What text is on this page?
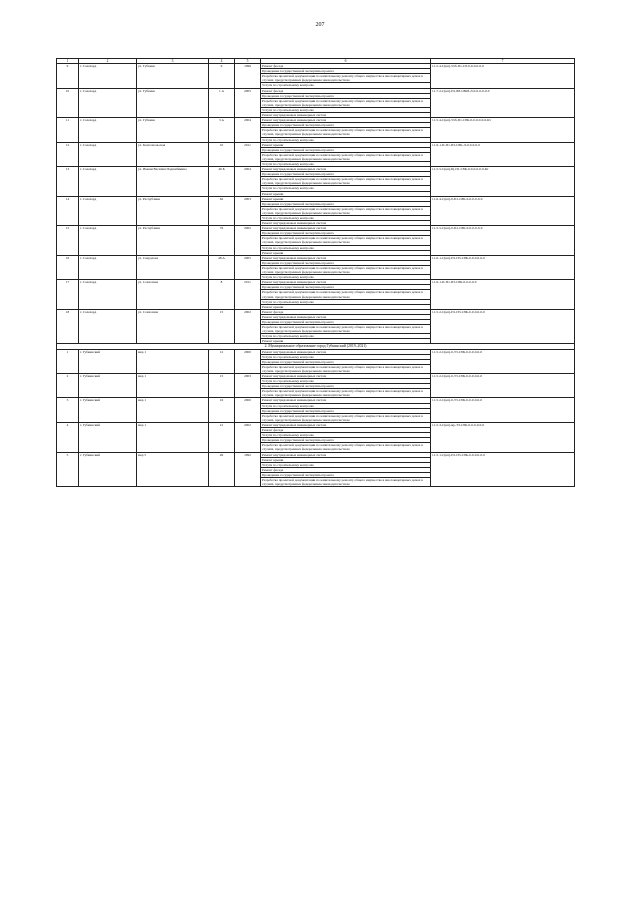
207
1	2	3	4	5	6	7
9	г. Салехард	ул. Губкина	6	1996	Ремонт фасада	11-5-4-С(кп)-Улб-П1-С8-0-0-0-0-0-0
					Проведение государственной экспертизы проекта	
					Разработка проектной документации по капитальному ремонту общего имущества в многоквартирных домах в случаях, предусмотренных федеральным законодательством	
					Услуги по строительному контролю	
10	г. Салехард	ул. Губкина	1 А	2005	Ремонт фасада	11-7-2-С(кп)-П1-Б8-С8К8-Л-0-0-0-0-0-0
					Проведение государственной экспертизы проекта	
					Разработка проектной документации по капитальному ремонту общего имущества в многоквартирных домах в случаях, предусмотренных федеральным законодательством	
					Услуги по строительному контролю	
					Ремонт внутридомовых инженерных систем	
11	г. Салехард	ул. Губкина	3 А	2004	Ремонт внутридомовых инженерных систем	11-5-4-С(кп)-Улб-П1-С8К-0-0-0-0-0-0-Кт
					Проведение государственной экспертизы проекта	
					Разработка проектной документации по капитальному ремонту общего имущества в многоквартирных домах в случаях, предусмотренных федеральным законодательством	
					Услуги по строительному контролю	
12	г. Салехард	ул. Комсомольская	10	2011	Ремонт крыши	11-9-1-П-П1-П3-С8К-Л-0-0-0-0-0
					Проведение государственной экспертизы проекта	
					Разработка проектной документации по капитальному ремонту общего имущества в многоквартирных домах в случаях, предусмотренных федеральным законодательством	
					Услуги по строительному контролю	
13	г. Салехард	ул. Имени Василия Подшибякина	46 Б	2004	Ремонт внутридомовых инженерных систем	11-5-5-С(кп)-Б(-П1-С8К-0-0-0-0-0-0-Кт
					Проведение государственной экспертизы проекта	
					Разработка проектной документации по капитальному ремонту общего имущества в многоквартирных домах в случаях, предусмотренных федеральным законодательством	
					Услуги по строительному контролю	
					Ремонт крыши	
14	г. Салехард	ул. Республики	62	2003	Ремонт крыши	11-6-4-С(кп)-0-П1-С8К-0-0-0-0-0-0
					Проведение государственной экспертизы проекта	
					Разработка проектной документации по капитальному ремонту общего имущества в многоквартирных домах в случаях, предусмотренных федеральным законодательством	
					Услуги по строительному контролю	
					Ремонт внутридомовых инженерных систем	
15	г. Салехард	ул. Республики	76	2002	Ремонт внутридомовых инженерных систем	11-5-5-С(кп)-0-П1-С8К-0-0-0-0-0-0
					Проведение государственной экспертизы проекта	
					Разработка проектной документации по капитальному ремонту общего имущества в многоквартирных домах в случаях, предусмотренных федеральным законодательством	
					Услуги по строительному контролю	
					Ремонт крыши	
16	г. Салехард	ул. Свердлова	48 А	2005	Ремонт внутридомовых инженерных систем	11-6-1-С(кп)-П1-П3-С8К-0-0-0-0-0-0
					Проведение государственной экспертизы проекта	
					Разработка проектной документации по капитальному ремонту общего имущества в многоквартирных домах в случаях, предусмотренных федеральным законодательством	
					Услуги по строительному контролю	
17	г. Салехард	ул. Совхозная	8	2011	Ремонт внутридомовых инженерных систем	11-9-1-П-П1-П3-С8К-0-0-0-0-0
					Проведение государственной экспертизы проекта	
					Разработка проектной документации по капитальному ремонту общего имущества в многоквартирных домах в случаях, предусмотренных федеральным законодательством	
					Услуги по строительному контролю	
					Ремонт крыши	
18	г. Салехард	ул. Совхозная	15	2002	Ремонт фасада	11-5-2-С(кп)-П1-П3-С8К-0-0-0-0-0-0
					Ремонт внутридомовых инженерных систем	
					Проведение государственной экспертизы проекта	
					Разработка проектной документации по капитальному ремонту общего имущества в многоквартирных домах в случаях, предусмотренных федеральным законодательством	
					Услуги по строительному контролю	
					Ремонт крыши	
2. Муниципальное образование город Губкинский (2019–2021)						
1	г. Губкинский	мкр 1	12	2000	Ремонт внутридомовых инженерных систем	11-5-2-С(кп)-0-Т3-С8К-0-0-0-0-0-0
					Услуги по строительному контролю	
					Проведение государственной экспертизы проекта	
					Разработка проектной документации по капитальному ремонту общего имущества в многоквартирных домах в случаях, предусмотренных федеральным законодательством	
2	г. Губкинский	мкр 1	15	2003	Ремонт внутридомовых инженерных систем	11-5-2-С(кп)-0-Т3-С8К-0-0-0-0-0-0
					Услуги по строительному контролю	
					Проведение государственной экспертизы проекта	
					Разработка проектной документации по капитальному ремонту общего имущества в многоквартирных домах в случаях, предусмотренных федеральным законодательством	
3	г. Губкинский	мкр 1	16	2000	Ремонт внутридомовых инженерных систем	11-5-2-С(кп)-0-Т3-С8К-0-0-0-0-0-0
					Услуги по строительному контролю	
					Проведение государственной экспертизы проекта	
					Разработка проектной документации по капитальному ремонту общего имущества в многоквартирных домах в случаях, предусмотренных федеральным законодательством	
4	г. Губкинский	мкр 1	21	2002	Ремонт внутридомовых инженерных систем	11-5-3-С(кп)-мр-Т3-С8К-0-0-0-0-0-0
					Ремонт фасада	
					Услуги по строительному контролю	
					Проведение государственной экспертизы проекта	
					Разработка проектной документации по капитальному ремонту общего имущества в многоквартирных домах в случаях, предусмотренных федеральным законодательством	
5	г. Губкинский	мкр 5	49	1992	Ремонт внутридомовых инженерных систем	11-5-1-С(кп)-П1-П3-С8К-0-0-0-0-0-0
					Ремонт крыши	
					Услуги по строительному контролю	
					Ремонт фасада	
					Проведение государственной экспертизы проекта	
					Разработка проектной документации по капитальному ремонту общего имущества в многоквартирных домах в случаях, предусмотренных федеральным законодательством	
